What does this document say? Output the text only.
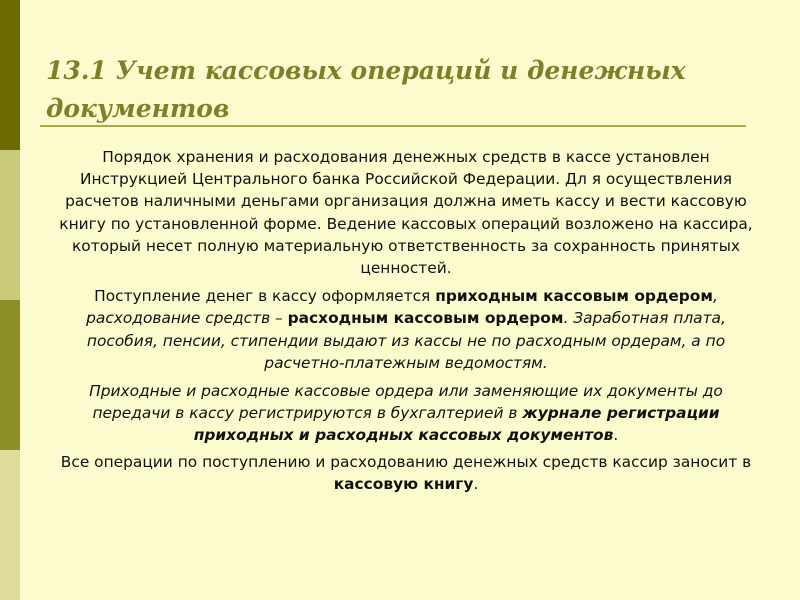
13.1 Учет кассовых операций и денежных документов

Порядок хранения и расходования денежных средств в кассе установлен Инструкцией Центрального банка Российской Федерации. Дл я осуществления расчетов наличными деньгами организация должна иметь кассу и вести кассовую книгу по установленной форме. Ведение кассовых операций возложено на кассира, который несет полную материальную ответственность за сохранность принятых ценностей.

Поступление денег в кассу оформляется приходным кассовым ордером, расходование средств – расходным кассовым ордером. Заработная плата, пособия, пенсии, стипендии выдают из кассы не по расходным ордерам, а по расчетно-платежным ведомостям.

Приходные и расходные кассовые ордера или заменяющие их документы до передачи в кассу регистрируются в бухгалтерией в журнале регистрации приходных и расходных кассовых документов.

Все операции по поступлению и расходованию денежных средств кассир заносит в кассовую книгу.
